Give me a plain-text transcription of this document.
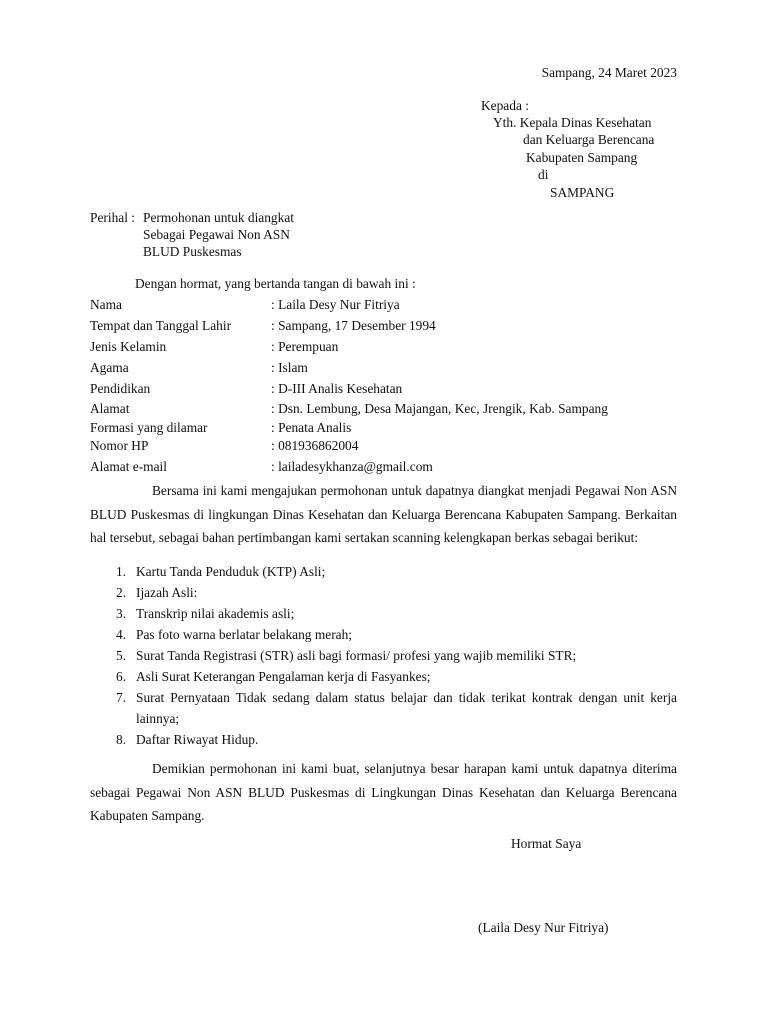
Sampang, 24 Maret 2023
Kepada :
Yth. Kepala Dinas Kesehatan
dan Keluarga Berencana
Kabupaten Sampang
di
SAMPANG
Perihal : Permohonan untuk diangkat
Sebagai Pegawai Non ASN
BLUD Puskesmas
Dengan hormat, yang bertanda tangan di bawah ini :
Nama	: Laila Desy Nur Fitriya
Tempat dan Tanggal Lahir	: Sampang, 17 Desember 1994
Jenis Kelamin	: Perempuan
Agama	: Islam
Pendidikan	: D-III Analis Kesehatan
Alamat	: Dsn. Lembung, Desa Majangan, Kec, Jrengik, Kab. Sampang
Formasi yang dilamar	: Penata Analis
Nomor HP	: 081936862004
Alamat e-mail	: lailadesykhanza@gmail.com

Bersama ini kami mengajukan permohonan untuk dapatnya diangkat menjadi Pegawai Non ASN BLUD Puskesmas di lingkungan Dinas Kesehatan dan Keluarga Berencana Kabupaten Sampang. Berkaitan hal tersebut, sebagai bahan pertimbangan kami sertakan scanning kelengkapan berkas sebagai berikut:

1. Kartu Tanda Penduduk (KTP) Asli;
2. Ijazah Asli:
3. Transkrip nilai akademis asli;
4. Pas foto warna berlatar belakang merah;
5. Surat Tanda Registrasi (STR) asli bagi formasi/ profesi yang wajib memiliki STR;
6. Asli Surat Keterangan Pengalaman kerja di Fasyankes;
7. Surat Pernyataan Tidak sedang dalam status belajar dan tidak terikat kontrak dengan unit kerja lainnya;
8. Daftar Riwayat Hidup.

Demikian permohonan ini kami buat, selanjutnya besar harapan kami untuk dapatnya diterima sebagai Pegawai Non ASN BLUD Puskesmas di Lingkungan Dinas Kesehatan dan Keluarga Berencana Kabupaten Sampang.

Hormat Saya
(Laila Desy Nur Fitriya)
